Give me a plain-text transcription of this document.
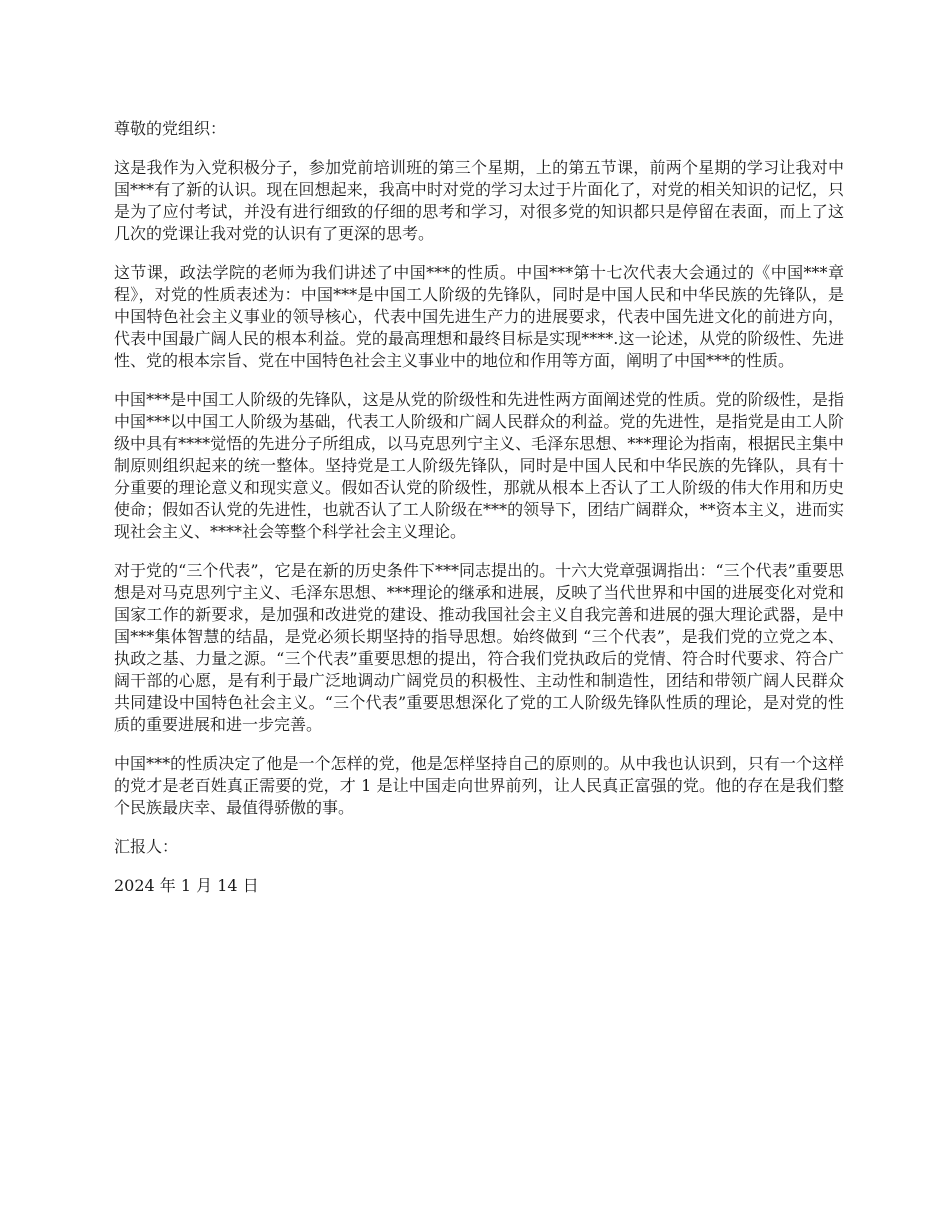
尊敬的党组织：

这是我作为入党积极分子，参加党前培训班的第三个星期，上的第五节课，前两个星期的学习让我对中国***有了新的认识。现在回想起来，我高中时对党的学习太过于片面化了，对党的相关知识的记忆，只是为了应付考试，并没有进行细致的仔细的思考和学习，对很多党的知识都只是停留在表面，而上了这几次的党课让我对党的认识有了更深的思考。

这节课，政法学院的老师为我们讲述了中国***的性质。中国***第十七次代表大会通过的《中国***章程》，对党的性质表述为：中国***是中国工人阶级的先锋队，同时是中国人民和中华民族的先锋队，是中国特色社会主义事业的领导核心，代表中国先进生产力的进展要求，代表中国先进文化的前进方向，代表中国最广阔人民的根本利益。党的最高理想和最终目标是实现****.这一论述，从党的阶级性、先进性、党的根本宗旨、党在中国特色社会主义事业中的地位和作用等方面，阐明了中国***的性质。

中国***是中国工人阶级的先锋队，这是从党的阶级性和先进性两方面阐述党的性质。党的阶级性，是指中国***以中国工人阶级为基础，代表工人阶级和广阔人民群众的利益。党的先进性，是指党是由工人阶级中具有****觉悟的先进分子所组成，以马克思列宁主义、毛泽东思想、***理论为指南，根据民主集中制原则组织起来的统一整体。坚持党是工人阶级先锋队，同时是中国人民和中华民族的先锋队，具有十分重要的理论意义和现实意义。假如否认党的阶级性，那就从根本上否认了工人阶级的伟大作用和历史使命；假如否认党的先进性，也就否认了工人阶级在***的领导下，团结广阔群众，**资本主义，进而实现社会主义、****社会等整个科学社会主义理论。

对于党的“三个代表”，它是在新的历史条件下***同志提出的。十六大党章强调指出：“三个代表”重要思想是对马克思列宁主义、毛泽东思想、***理论的继承和进展，反映了当代世界和中国的进展变化对党和国家工作的新要求，是加强和改进党的建设、推动我国社会主义自我完善和进展的强大理论武器，是中国***集体智慧的结晶，是党必须长期坚持的指导思想。始终做到 “三个代表”，是我们党的立党之本、执政之基、力量之源。“三个代表”重要思想的提出，符合我们党执政后的党情、符合时代要求、符合广阔干部的心愿，是有利于最广泛地调动广阔党员的积极性、主动性和制造性，团结和带领广阔人民群众共同建设中国特色社会主义。“三个代表”重要思想深化了党的工人阶级先锋队性质的理论，是对党的性质的重要进展和进一步完善。

中国***的性质决定了他是一个怎样的党，他是怎样坚持自己的原则的。从中我也认识到，只有一个这样的党才是老百姓真正需要的党，才 1 是让中国走向世界前列，让人民真正富强的党。他的存在是我们整个民族最庆幸、最值得骄傲的事。

汇报人：

2024 年 1 月 14 日
